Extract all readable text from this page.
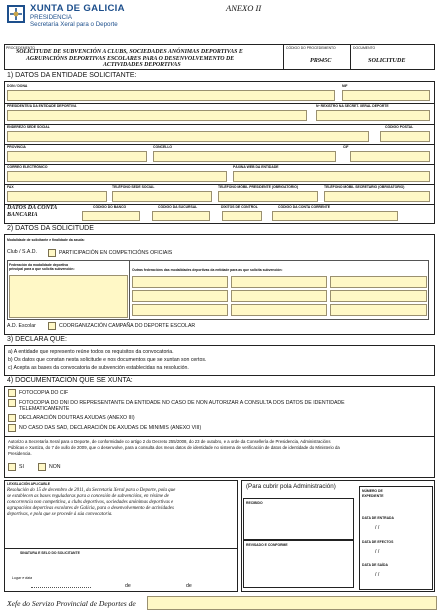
XUNTA DE GALICIA
PRESIDENCIA
Secretaría Xeral para o Deporte
ANEXO II
PROCEDEMENTO
SOLICITUDE DE SUBVENCIÓN A CLUBS, SOCIEDADES ANÓNIMAS DEPORTIVAS E
AGRUPACIÓNS DEPORTIVAS ESCOLARES PARA O DESENVOLVEMENTO DE
ACTIVIDADES DEPORTIVAS
CÓDIGO DO PROCEDEMENTO
PR945C
DOCUMENTO
SOLICITUDE
1) DATOS DA ENTIDADE SOLICITANTE:
DON / DONA	NIF
PRESIDENTE/A DA ENTIDADE DEPORTIVA	Nº REXISTRO NA SECRET. XERAL DEPORTE
ENDEREZO SEDE SOCIAL	CÓDIGO POSTAL
PROVINCIA	CONCELLO	CIF
CORREO ELECTRÓNICO	PÁXINA WEB DA ENTIDADE
FAX	TELÉFONO SEDE SOCIAL	TELÉFONO MÓBIL PRESIDENTE (OBRIGATORIO)	TELÉFONO MÓBIL SECRETARIO (OBRIGATORIO)
DATOS DA CONTA
BANCARIA
CÓDIGO DO BANCO	CÓDIGO DA SUCURSAL	DÍXITOS DE CONTROL	CÓDIGO DA CONTA CORRENTE
2) DATOS DA SOLICITUDE
Modalidade de solicitante e finalidade da axuda:
Club / S.A.D.	PARTICIPACIÓN EN COMPETICIÓNS OFICIAIS
Federación da modalidade deportiva
principal para a que solicita subvención:	Outras federacións das modalidades deportivas da entidade para as que solicita subvención:
A.D. Escolar	COORGANIZACIÓN CAMPAÑA DO DEPORTE ESCOLAR
3) DECLARA QUE:
a) A entidade que represento reúne todos os requisitos da convocatoria.
b) Os datos que constan nesta solicitude e nos documentos que se xuntan son certos.
c) Acepta as bases da convocatoria de subvención establecidas na resolución.
4) DOCUMENTACIÓN QUE SE XUNTA:
FOTOCOPIA DO CIF
FOTOCOPIA DO DNI DO REPRESENTANTE DA ENTIDADE NO CASO DE NON AUTORIZAR A CONSULTA DOS DATOS DE IDENTIDADE
TELEMATICAMENTE
DECLARACIÓN DOUTRAS AXUDAS (ANEXO III)
NO CASO DAS SAD, DECLARACIÓN DE AXUDAS DE MINIMIS (ANEXO VIII)
Autorizo a Secretaría Xeral para o Deporte, de conformidade co artigo 2 do Decreto 255/2008, do 23 de outubro, e a orde da Consellería de Presidencia, Administracións
Públicas e Xustiza, do 7 de xullo de 2009, que o desenvolve, para a consulta dos meus datos de identidade no sistema de verificación de datos de identidade do Ministerio da
Presidencia.
SI	NON
LEXISLACIÓN APLICABLE
Resolución do 15 de decembro de 2011, da Secretaría Xeral para o Deporte, pola que
se establecen as bases reguladoras para a concesión de subvencións, en réxime de
concorrencia non competitiva, a clubs deportivos, sociedades anónimas deportivas e
agrupacións deportivas escolares de Galicia, para o desenvolvemento de actividades
deportivas, e pola que se procede á súa convocatoria.
SINATURA E SELO DO SOLICITANTE
Lugar e data
de	de
(Para cubrir pola Administración)
RECIBIDO
REVISADO E CONFORME
NÚMERO DE
EXPEDIENTE
DATA DE ENTRADA
/ /
DATA DE EFECTOS
/ /
DATA DE SAÍDA
/ /
Xefe do Servizo Provincial de Deportes de
